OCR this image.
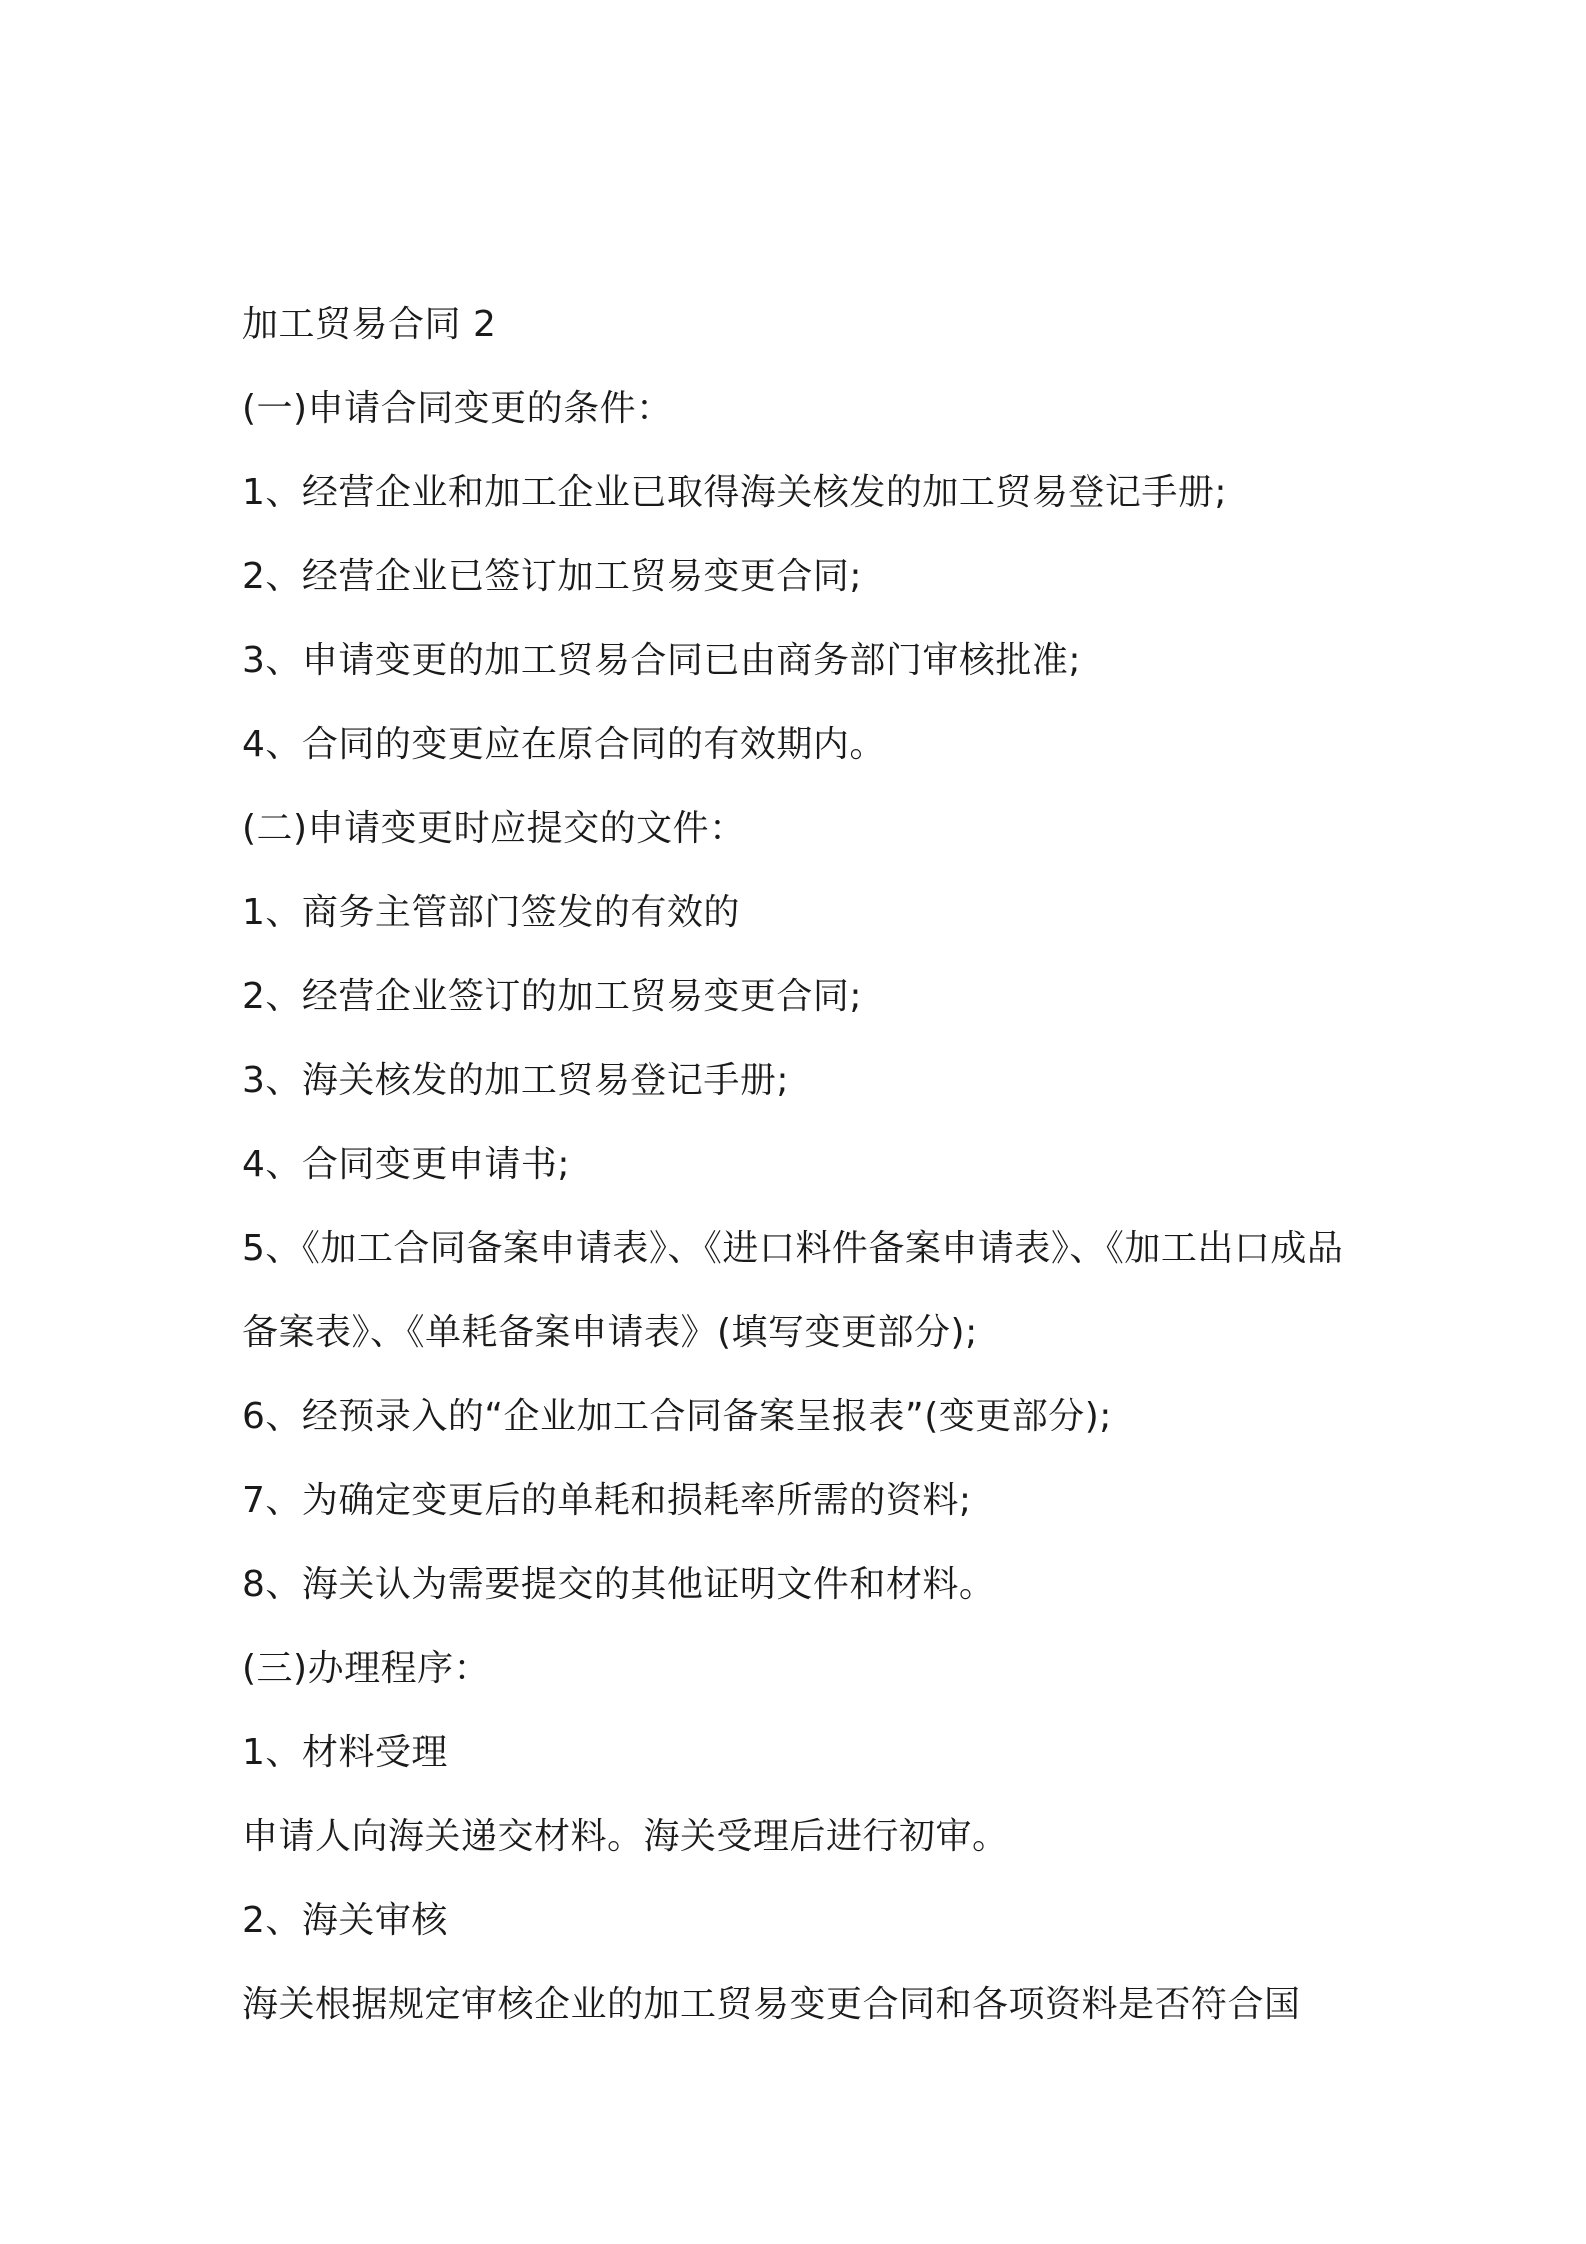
加工贸易合同 2
(一)申请合同变更的条件：
1、经营企业和加工企业已取得海关核发的加工贸易登记手册;
2、经营企业已签订加工贸易变更合同;
3、申请变更的加工贸易合同已由商务部门审核批准;
4、合同的变更应在原合同的有效期内。
(二)申请变更时应提交的文件：
1、商务主管部门签发的有效的
2、经营企业签订的加工贸易变更合同;
3、海关核发的加工贸易登记手册;
4、合同变更申请书;
5、《加工合同备案申请表》、《进口料件备案申请表》、《加工出口成品
备案表》、《单耗备案申请表》(填写变更部分);
6、经预录入的“企业加工合同备案呈报表”(变更部分);
7、为确定变更后的单耗和损耗率所需的资料;
8、海关认为需要提交的其他证明文件和材料。
(三)办理程序：
1、材料受理
申请人向海关递交材料。海关受理后进行初审。
2、海关审核
海关根据规定审核企业的加工贸易变更合同和各项资料是否符合国
